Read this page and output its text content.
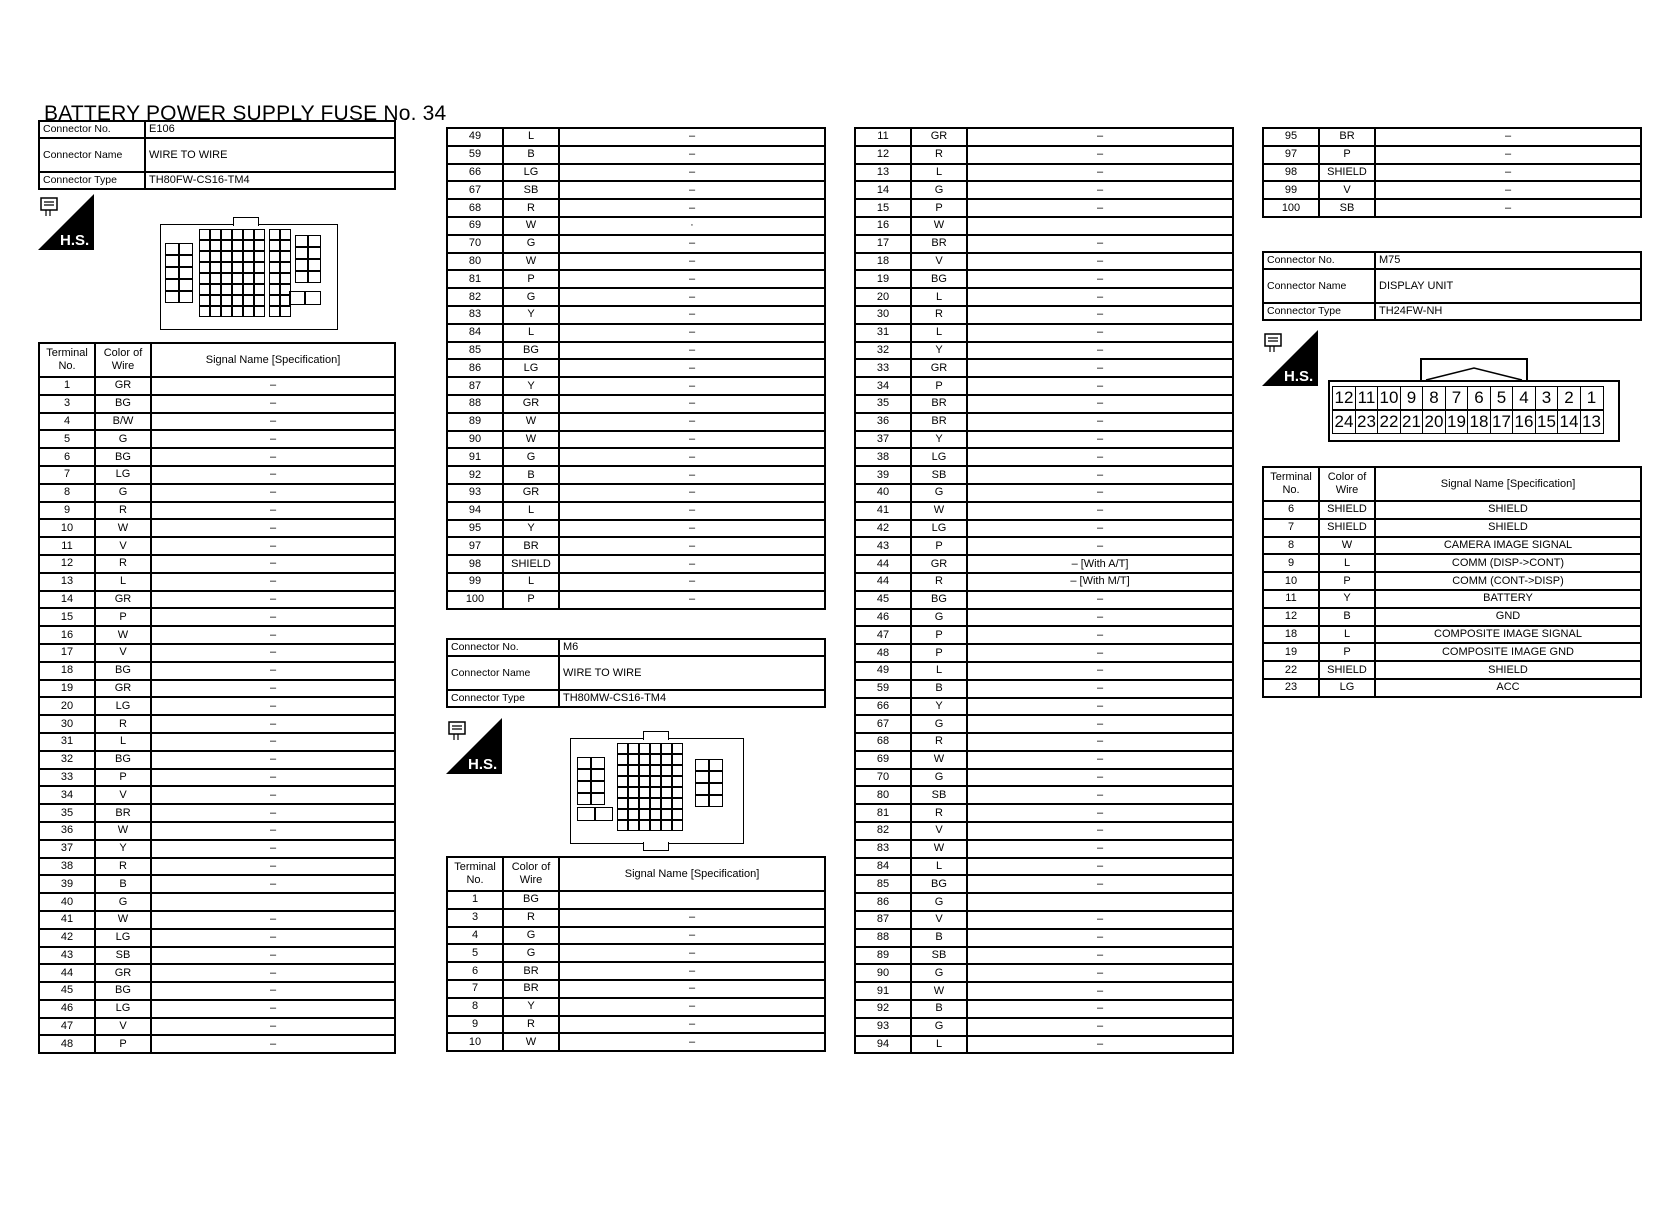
BATTERY POWER SUPPLY FUSE No. 34
Connector No.	E106
Connector Name	WIRE TO WIRE
Connector Type	TH80FW-CS16-TM4
H.S.
Terminal No.	Color of Wire	Signal Name [Specification]
1	GR	–
3	BG	–
4	B/W	–
5	G	–
6	BG	–
7	LG	–
8	G	–
9	R	–
10	W	–
11	V	–
12	R	–
13	L	–
14	GR	–
15	P	–
16	W	–
17	V	–
18	BG	–
19	GR	–
20	LG	–
30	R	–
31	L	–
32	BG	–
33	P	–
34	V	–
35	BR	–
36	W	–
37	Y	–
38	R	–
39	B	–
40	G	
41	W	–
42	LG	–
43	SB	–
44	GR	–
45	BG	–
46	LG	–
47	V	–
48	P	–
49	L	–
59	B	–
66	LG	–
67	SB	–
68	R	–
69	W	·
70	G	–
80	W	–
81	P	–
82	G	–
83	Y	–
84	L	–
85	BG	–
86	LG	–
87	Y	–
88	GR	–
89	W	–
90	W	–
91	G	–
92	B	–
93	GR	–
94	L	–
95	Y	–
97	BR	–
98	SHIELD	–
99	L	–
100	P	–
Connector No.	M6
Connector Name	WIRE TO WIRE
Connector Type	TH80MW-CS16-TM4
H.S.
Terminal No.	Color of Wire	Signal Name [Specification]
1	BG	
3	R	–
4	G	–
5	G	–
6	BR	–
7	BR	–
8	Y	–
9	R	–
10	W	–
11	GR	–
12	R	–
13	L	–
14	G	–
15	P	–
16	W	
17	BR	–
18	V	–
19	BG	–
20	L	–
30	R	–
31	L	–
32	Y	–
33	GR	–
34	P	–
35	BR	–
36	BR	–
37	Y	–
38	LG	–
39	SB	–
40	G	–
41	W	–
42	LG	–
43	P	–
44	GR	– [With A/T]
44	R	– [With M/T]
45	BG	–
46	G	–
47	P	–
48	P	–
49	L	–
59	B	–
66	Y	–
67	G	–
68	R	–
69	W	–
70	G	–
80	SB	–
81	R	–
82	V	–
83	W	–
84	L	–
85	BG	–
86	G	
87	V	–
88	B	–
89	SB	–
90	G	–
91	W	–
92	B	–
93	G	–
94	L	–
95	BR	–
97	P	–
98	SHIELD	–
99	V	–
100	SB	–
Connector No.	M75
Connector Name	DISPLAY UNIT
Connector Type	TH24FW-NH
H.S.
12 11 10 9 8 7 6 5 4 3 2 1
24 23 22 21 20 19 18 17 16 15 14 13
Terminal No.	Color of Wire	Signal Name [Specification]
6	SHIELD	SHIELD
7	SHIELD	SHIELD
8	W	CAMERA IMAGE SIGNAL
9	L	COMM (DISP->CONT)
10	P	COMM (CONT->DISP)
11	Y	BATTERY
12	B	GND
18	L	COMPOSITE IMAGE SIGNAL
19	P	COMPOSITE IMAGE GND
22	SHIELD	SHIELD
23	LG	ACC
